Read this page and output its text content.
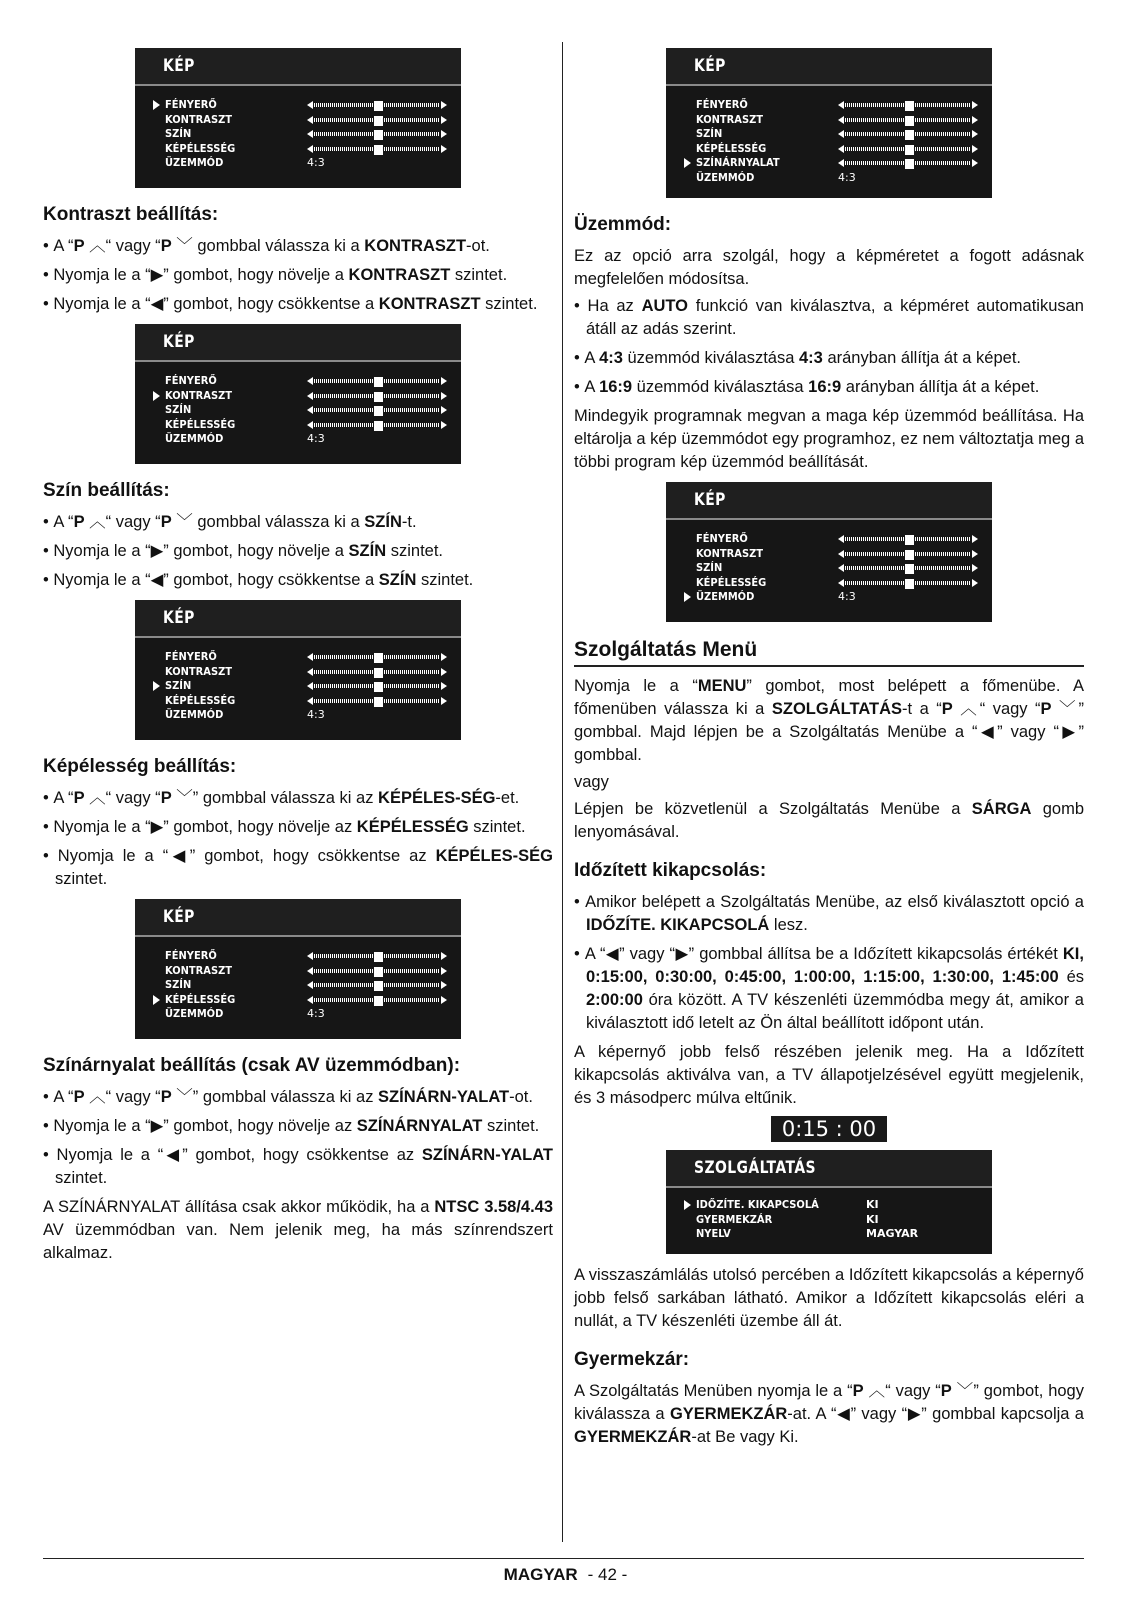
KÉP
FÉNYERŐ
KONTRASZT
SZÍN
KÉPÉLESSÉG
ÜZEMMÓD	4:3
Kontraszt beállítás:
• A “P ︿“ vagy “P ﹀ gombbal válassza ki a KONTRASZT-ot.
• Nyomja le a “▶” gombot, hogy növelje a KONTRASZT szintet.
• Nyomja le a “◀” gombot, hogy csökkentse a KONTRASZT szintet.
KÉP
FÉNYERŐ
KONTRASZT
SZÍN
KÉPÉLESSÉG
ÜZEMMÓD	4:3
Szín beállítás:
• A “P ︿“ vagy “P ﹀ gombbal válassza ki a SZÍN-t.
• Nyomja le a “▶” gombot, hogy növelje a SZÍN szintet.
• Nyomja le a “◀” gombot, hogy csökkentse a SZÍN szintet.
KÉP
FÉNYERŐ
KONTRASZT
SZÍN
KÉPÉLESSÉG
ÜZEMMÓD	4:3
Képélesség beállítás:
• A “P ︿“ vagy “P ﹀” gombbal válassza ki az KÉPÉLES-SÉG-et.
• Nyomja le a “▶” gombot, hogy növelje az KÉPÉLESSÉG szintet.
• Nyomja le a “◀” gombot, hogy csökkentse az KÉPÉLES-SÉG szintet.
KÉP
FÉNYERŐ
KONTRASZT
SZÍN
KÉPÉLESSÉG
ÜZEMMÓD	4:3
Színárnyalat beállítás (csak AV üzemmódban):
• A “P ︿“ vagy “P ﹀” gombbal válassza ki az SZÍNÁRN-YALAT-ot.
• Nyomja le a “▶” gombot, hogy növelje az SZÍNÁRNYALAT szintet.
• Nyomja le a “◀” gombot, hogy csökkentse az SZÍNÁRN-YALAT szintet.

A SZÍNÁRNYALAT állítása csak akkor működik, ha a NTSC 3.58/4.43 AV üzemmódban van. Nem jelenik meg, ha más színrendszert alkalmaz.

KÉP
FÉNYERŐ
KONTRASZT
SZÍN
KÉPÉLESSÉG
SZÍNÁRNYALAT
ÜZEMMÓD	4:3
Üzemmód:

Ez az opció arra szolgál, hogy a képméretet a fogott adásnak megfelelően módosítsa.

• Ha az AUTO funkció van kiválasztva, a képméret automatikusan átáll az adás szerint.
• A 4:3 üzemmód kiválasztása 4:3 arányban állítja át a képet.
• A 16:9 üzemmód kiválasztása 16:9 arányban állítja át a képet.

Mindegyik programnak megvan a maga kép üzemmód beállítása. Ha eltárolja a kép üzemmódot egy programhoz, ez nem változtatja meg a többi program kép üzemmód beállítását.

KÉP
FÉNYERŐ
KONTRASZT
SZÍN
KÉPÉLESSÉG
ÜZEMMÓD	4:3
Szolgáltatás Menü

Nyomja le a “MENU” gombot, most belépett a főmenübe. A főmenüben válassza ki a SZOLGÁLTATÁS-t a “P ︿“ vagy “P ﹀” gombbal. Majd lépjen be a Szolgáltatás Menübe a “◀” vagy “▶” gombbal.

vagy

Lépjen be közvetlenül a Szolgáltatás Menübe a SÁRGA gomb lenyomásával.

Időzített kikapcsolás:
• Amikor belépett a Szolgáltatás Menübe, az első kiválasztott opció a IDŐZÍTE. KIKAPCSOLÁ lesz.
• A “◀” vagy “▶” gombbal állítsa be a Időzített kikapcsolás értékét KI, 0:15:00, 0:30:00, 0:45:00, 1:00:00, 1:15:00, 1:30:00, 1:45:00 és 2:00:00 óra között. A TV készenléti üzemmódba megy át, amikor a kiválasztott idő letelt az Ön által beállított időpont után.

A képernyő jobb felső részében jelenik meg. Ha a Időzített kikapcsolás aktiválva van, a TV állapotjelzésével együtt megjelenik, és 3 másodperc múlva eltűnik.

0:15 : 00
SZOLGÁLTATÁS
IDŐZÍTE. KIKAPCSOLÁ	KI
GYERMEKZÁR	KI
NYELV	MAGYAR

A visszaszámlálás utolsó percében a Időzített kikapcsolás a képernyő jobb felső sarkában látható. Amikor a Időzített kikapcsolás eléri a nullát, a TV készenléti üzembe áll át.

Gyermekzár:

A Szolgáltatás Menüben nyomja le a “P ︿“ vagy “P ﹀” gombot, hogy kiválassza a GYERMEKZÁR-at. A “◀” vagy “▶” gombbal kapcsolja a GYERMEKZÁR-at Be vagy Ki.

MAGYAR - 42 -
